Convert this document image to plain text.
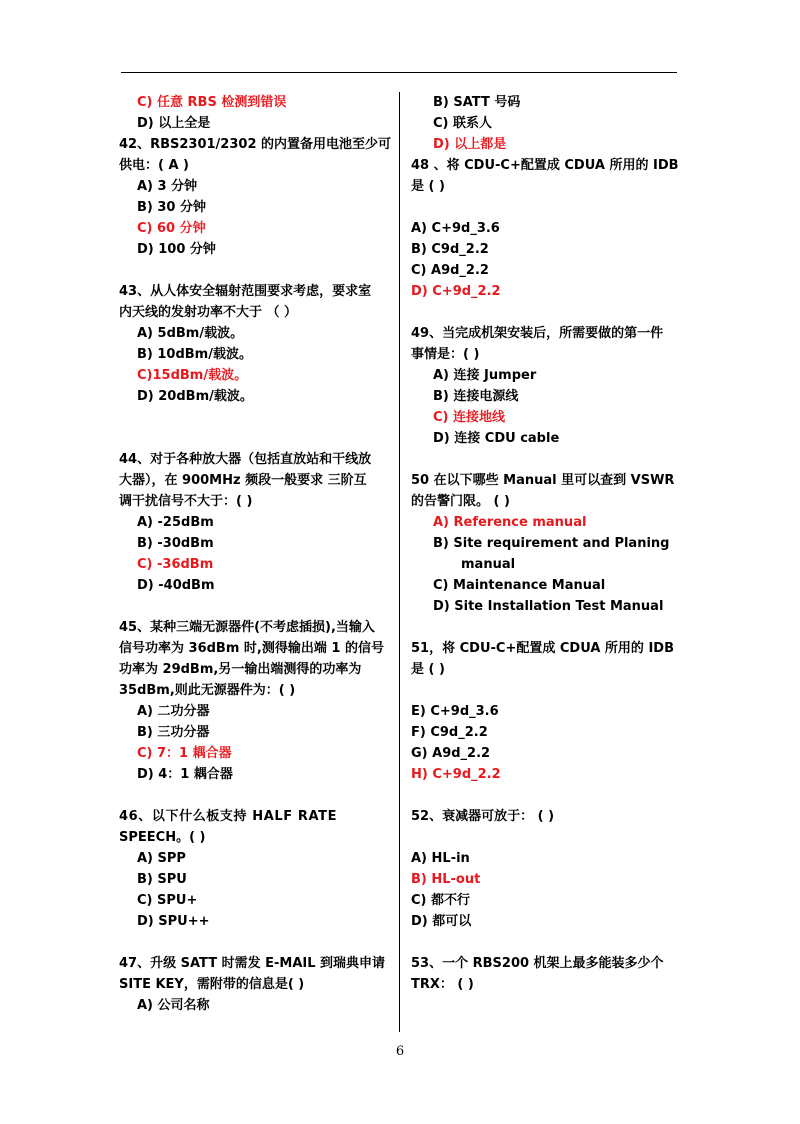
C) 任意 RBS 检测到错误
D) 以上全是
42、RBS2301/2302 的内置备用电池至少可
供电：( A )
A) 3 分钟
B) 30 分钟
C) 60 分钟
D) 100 分钟
43、从人体安全辐射范围要求考虑，要求室
内天线的发射功率不大于 （ ）
A) 5dBm/载波。
B) 10dBm/载波。
C)15dBm/载波。
D) 20dBm/载波。
44、对于各种放大器（包括直放站和干线放
大器），在 900MHz 频段一般要求 三阶互
调干扰信号不大于：( )
A) -25dBm
B) -30dBm
C) -36dBm
D) -40dBm
45、某种三端无源器件(不考虑插损),当输入
信号功率为 36dBm 时,测得输出端 1 的信号
功率为 29dBm,另一输出端测得的功率为
35dBm,则此无源器件为：( )
A) 二功分器
B) 三功分器
C) 7：1 耦合器
D) 4：1 耦合器
46、以下什么板支持 HALF RATE
SPEECH。( )
A) SPP
B) SPU
C) SPU+
D) SPU++
47、升级 SATT 时需发 E-MAIL 到瑞典申请
SITE KEY，需附带的信息是( )
A) 公司名称
B) SATT 号码
C) 联系人
D) 以上都是
48 、将 CDU-C+配置成 CDUA 所用的 IDB
是 ( )
A) C+9d_3.6
B) C9d_2.2
C) A9d_2.2
D) C+9d_2.2
49、当完成机架安装后，所需要做的第一件
事情是：( )
A) 连接 Jumper
B) 连接电源线
C) 连接地线
D) 连接 CDU cable
50 在以下哪些 Manual 里可以查到 VSWR
的告警门限。 ( )
A) Reference manual
B) Site requirement and Planing
manual
C) Maintenance Manual
D) Site Installation Test Manual
51，将 CDU-C+配置成 CDUA 所用的 IDB
是 ( )
E) C+9d_3.6
F) C9d_2.2
G) A9d_2.2
H) C+9d_2.2
52、衰减器可放于： ( )
A) HL-in
B) HL-out
C) 都不行
D) 都可以
53、一个 RBS200 机架上最多能装多少个
TRX： ( )
6
